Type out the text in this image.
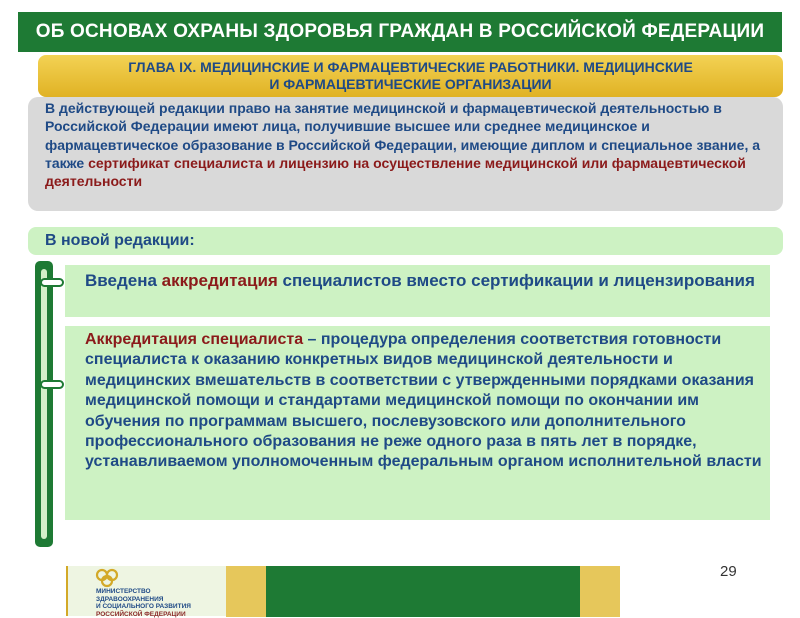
ОБ ОСНОВАХ ОХРАНЫ ЗДОРОВЬЯ ГРАЖДАН В РОССИЙСКОЙ ФЕДЕРАЦИИ
ГЛАВА IX. МЕДИЦИНСКИЕ И ФАРМАЦЕВТИЧЕСКИЕ РАБОТНИКИ. МЕДИЦИНСКИЕ
И ФАРМАЦЕВТИЧЕСКИЕ ОРГАНИЗАЦИИ
В действующей редакции право на занятие медицинской и фармацевтической деятельностью в Российской Федерации имеют лица, получившие высшее или среднее медицинское и фармацевтическое образование в Российской Федерации, имеющие диплом и специальное звание, а также сертификат специалиста и лицензию на осуществление медицинской или фармацевтической деятельности
В новой редакции:
Введена аккредитация специалистов вместо сертификации и лицензирования
Аккредитация специалиста – процедура определения соответствия готовности специалиста к оказанию конкретных видов медицинской деятельности и медицинских вмешательств в соответствии с утвержденными порядками оказания медицинской помощи и стандартами медицинской помощи по окончании им обучения по программам высшего, послевузовского или дополнительного профессионального образования не реже одного раза в пять лет в порядке, устанавливаемом уполномоченным федеральным органом исполнительной власти
МИНИСТЕРСТВО
ЗДРАВООХРАНЕНИЯ
И СОЦИАЛЬНОГО РАЗВИТИЯ
РОССИЙСКОЙ ФЕДЕРАЦИИ
29
